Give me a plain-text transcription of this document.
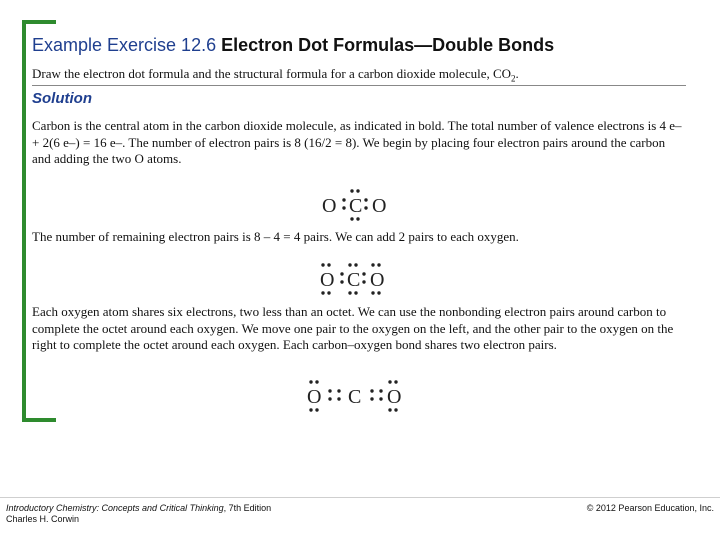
Example Exercise 12.6 Electron Dot Formulas—Double Bonds

Draw the electron dot formula and the structural formula for a carbon dioxide molecule, $CO_2$.

Solution

Carbon is the central atom in the carbon dioxide molecule, as indicated in bold. The total number of valence electrons is 4 e– + 2(6 e–) = 16 e–. The number of electron pairs is 8 (16/2 = 8). We begin by placing four electron pairs around the carbon and adding the two O atoms.

O C O

The number of remaining electron pairs is 8 – 4 = 4 pairs. We can add 2 pairs to each oxygen.

O C O

Each oxygen atom shares six electrons, two less than an octet. We can use the nonbonding electron pairs around carbon to complete the octet around each oxygen. We move one pair to the oxygen on the left, and the other pair to the oxygen on the right to complete the octet around each oxygen. Each carbon–oxygen bond shares two electron pairs.

O C O
Introductory Chemistry: Concepts and Critical Thinking, 7th Edition
Charles H. Corwin
© 2012 Pearson Education, Inc.
